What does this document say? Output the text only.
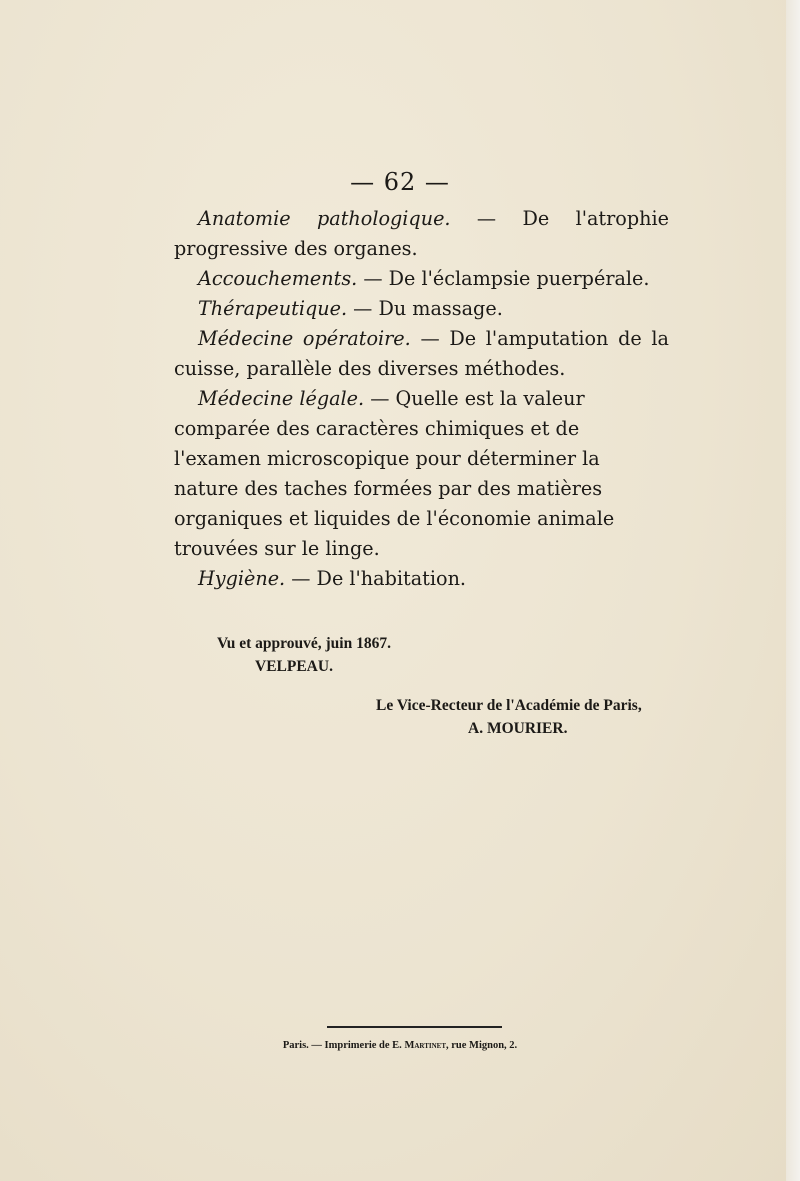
— 62 —

Anatomie pathologique. — De l'atrophie progressive des organes.

Accouchements. — De l'éclampsie puerpérale.

Thérapeutique. — Du massage.

Médecine opératoire. — De l'amputation de la cuisse, parallèle des diverses méthodes.

Médecine légale. — Quelle est la valeur comparée des caractères chimiques et de l'examen microscopique pour déterminer la nature des taches formées par des matières organiques et liquides de l'économie animale trouvées sur le linge.

Hygiène. — De l'habitation.

Vu et approuvé, juin 1867.
VELPEAU.
Le Vice-Recteur de l'Académie de Paris,
A. MOURIER.
Paris. — Imprimerie de E. Martinet, rue Mignon, 2.
